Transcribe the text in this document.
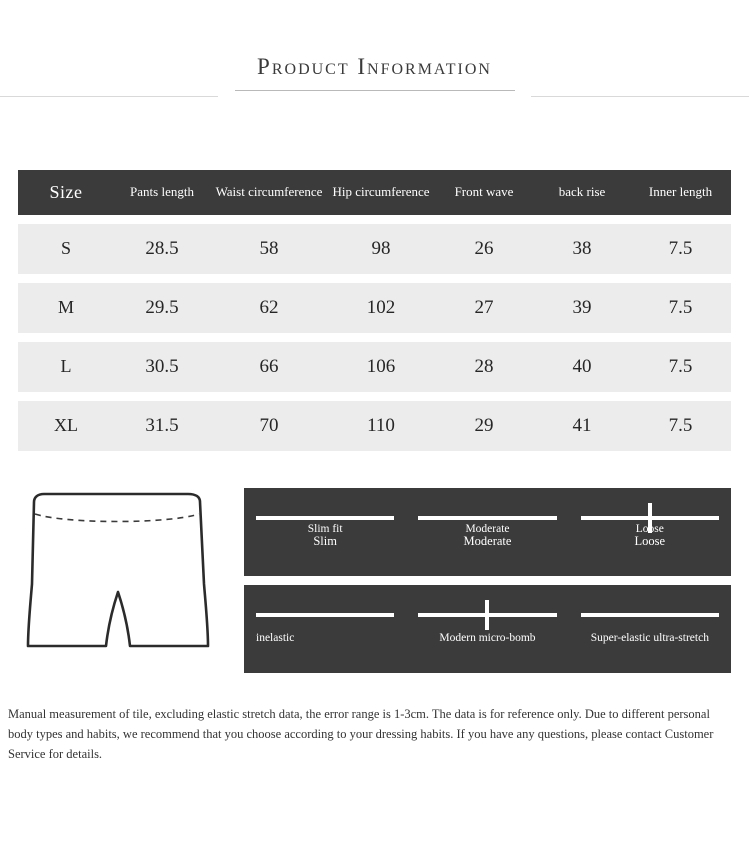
Product Information
Size	Pants length	Waist circumference	Hip circumference	Front wave	back rise	Inner length
S	28.5	58	98	26	38	7.5
M	29.5	62	102	27	39	7.5
L	30.5	66	106	28	40	7.5
XL	31.5	70	110	29	41	7.5
Slim fit
Slim
Moderate
Moderate
Loose
Loose
inelastic	Modern micro-bomb	Super-elastic ultra-stretch
Manual measurement of tile, excluding elastic stretch data, the error range is 1-3cm. The data is for reference only. Due to different personal body types and habits, we recommend that you choose according to your dressing habits. If you have any questions, please contact Customer Service for details.
